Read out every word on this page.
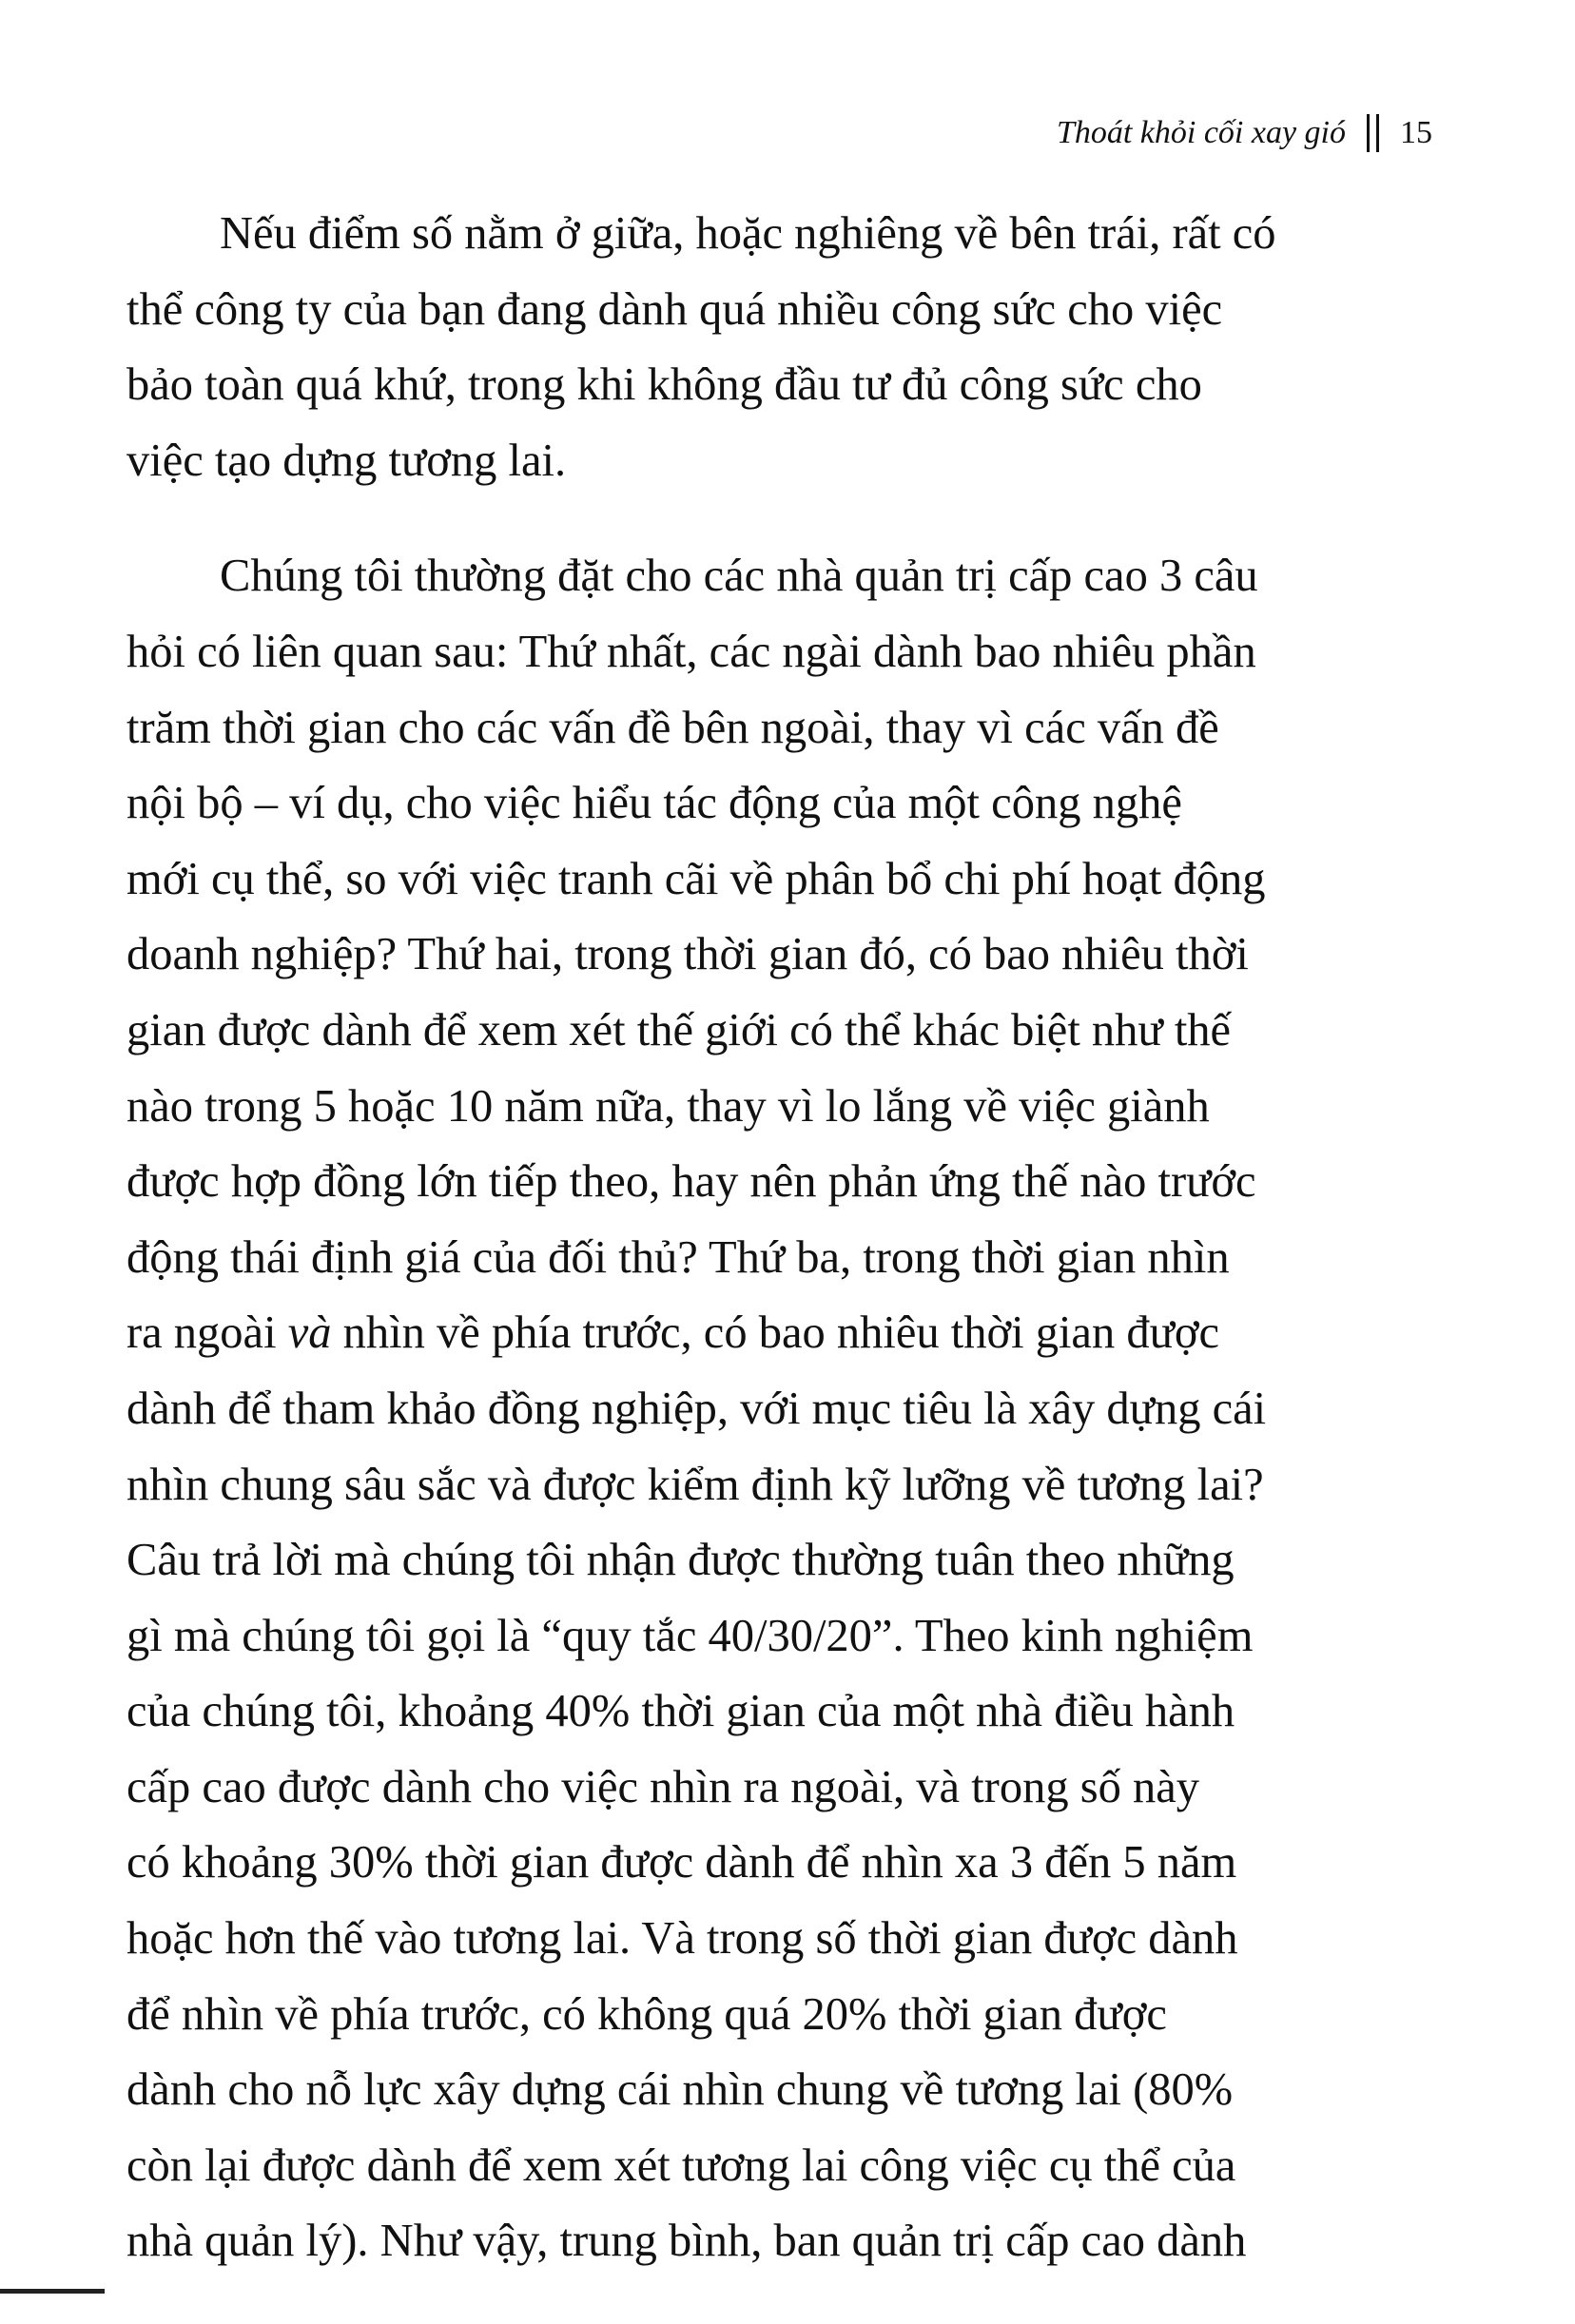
Thoát khỏi cối xay gió 15

Nếu điểm số nằm ở giữa, hoặc nghiêng về bên trái, rất có
thể công ty của bạn đang dành quá nhiều công sức cho việc
bảo toàn quá khứ, trong khi không đầu tư đủ công sức cho
việc tạo dựng tương lai.

Chúng tôi thường đặt cho các nhà quản trị cấp cao 3 câu
hỏi có liên quan sau: Thứ nhất, các ngài dành bao nhiêu phần
trăm thời gian cho các vấn đề bên ngoài, thay vì các vấn đề
nội bộ – ví dụ, cho việc hiểu tác động của một công nghệ
mới cụ thể, so với việc tranh cãi về phân bổ chi phí hoạt động
doanh nghiệp? Thứ hai, trong thời gian đó, có bao nhiêu thời
gian được dành để xem xét thế giới có thể khác biệt như thế
nào trong 5 hoặc 10 năm nữa, thay vì lo lắng về việc giành
được hợp đồng lớn tiếp theo, hay nên phản ứng thế nào trước
động thái định giá của đối thủ? Thứ ba, trong thời gian nhìn
ra ngoài và nhìn về phía trước, có bao nhiêu thời gian được
dành để tham khảo đồng nghiệp, với mục tiêu là xây dựng cái
nhìn chung sâu sắc và được kiểm định kỹ lưỡng về tương lai?
Câu trả lời mà chúng tôi nhận được thường tuân theo những
gì mà chúng tôi gọi là “quy tắc 40/30/20”. Theo kinh nghiệm
của chúng tôi, khoảng 40% thời gian của một nhà điều hành
cấp cao được dành cho việc nhìn ra ngoài, và trong số này
có khoảng 30% thời gian được dành để nhìn xa 3 đến 5 năm
hoặc hơn thế vào tương lai. Và trong số thời gian được dành
để nhìn về phía trước, có không quá 20% thời gian được
dành cho nỗ lực xây dựng cái nhìn chung về tương lai (80%
còn lại được dành để xem xét tương lai công việc cụ thể của
nhà quản lý). Như vậy, trung bình, ban quản trị cấp cao dành
